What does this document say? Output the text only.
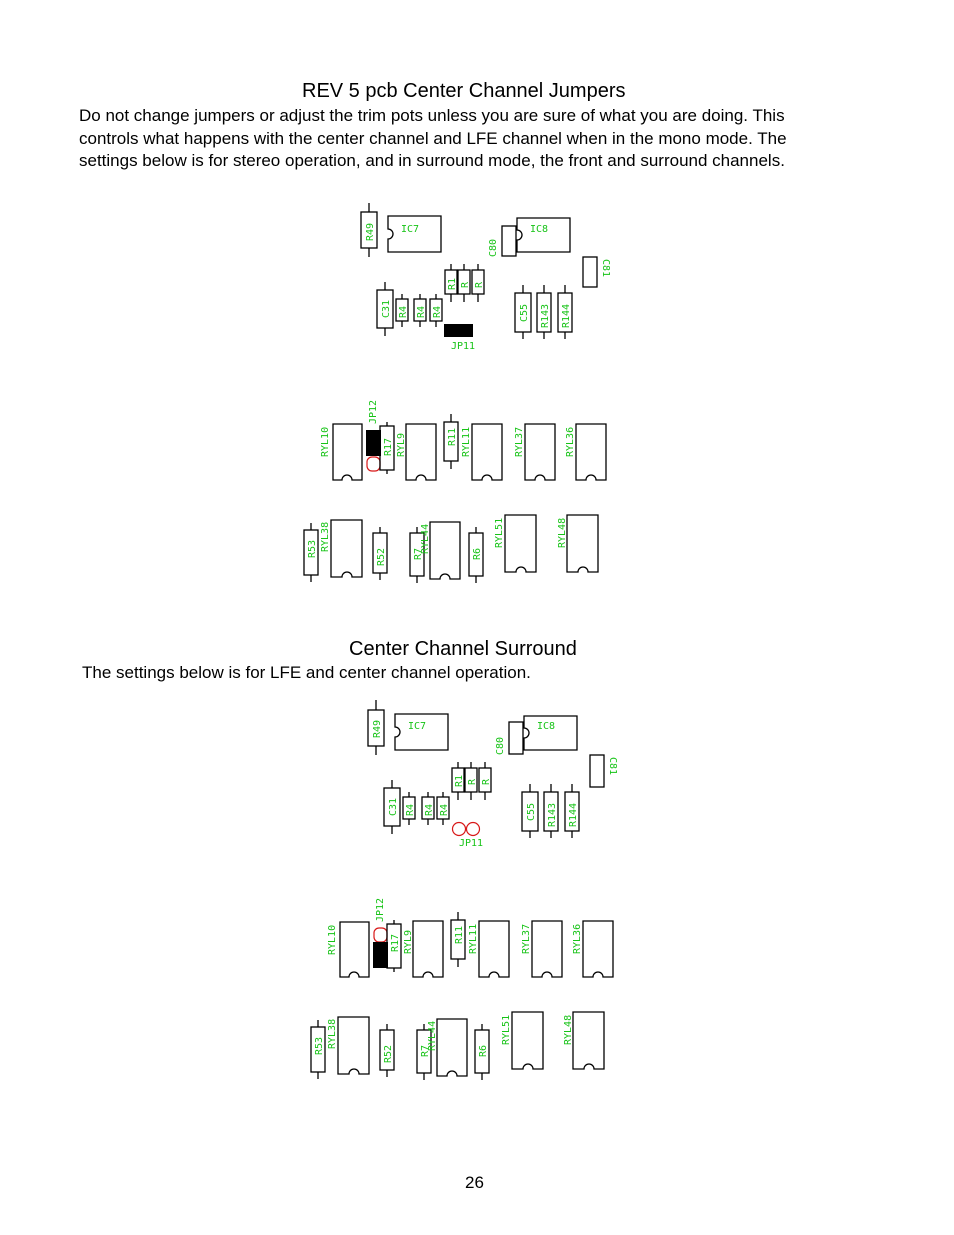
REV 5 pcb Center Channel Jumpers

Do not change jumpers or adjust the trim pots unless you are sure of what you are doing. This
controls what happens with the center channel and LFE channel when in the mono mode. The
settings below is for stereo operation, and in surround mode, the front and surround channels.

R49	IC7
C80
IC8
C81
R1 R R
C31 R4 R4 R4	C55 R143 R144
JP11
JP12
RYL10	R17 RYL9	R11 RYL11	RYL37	RYL36
R53 RYL38
R52	R7
RYL44	R6
RYL51	RYL48
Center Channel Surround

The settings below is for LFE and center channel operation.

R49	IC7
C80
IC8
C81
R1 R R
C31 R4 R4 R4	C55 R143 R144
JP11
JP12
RYL10	R17 RYL9	R11 RYL11	RYL37	RYL36
R53 RYL38
R52	R7
RYL44	R6
RYL51	RYL48
26
